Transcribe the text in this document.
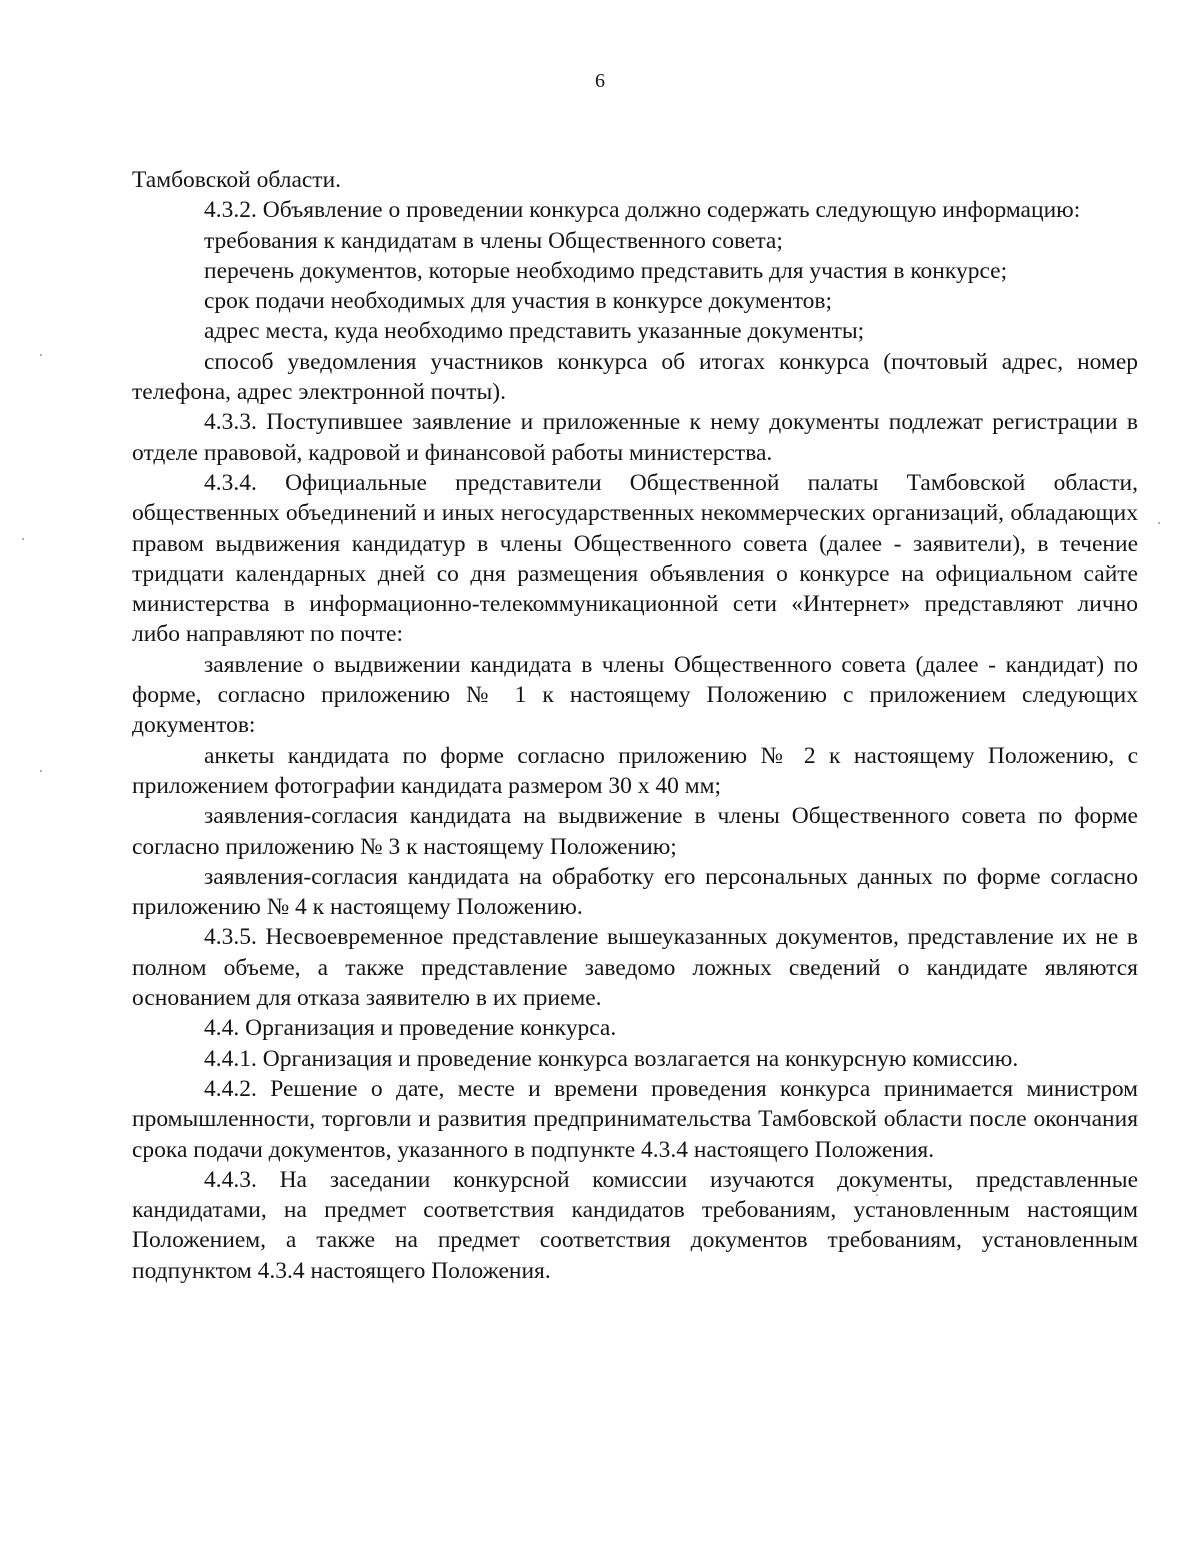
6

Тамбовской области.

4.3.2. Объявление о проведении конкурса должно содержать следующую информацию:

требования к кандидатам в члены Общественного совета;

перечень документов, которые необходимо представить для участия в конкурсе;

срок подачи необходимых для участия в конкурсе документов;

адрес места, куда необходимо представить указанные документы;

способ уведомления участников конкурса об итогах конкурса (почтовый адрес, номер телефона, адрес электронной почты).

4.3.3. Поступившее заявление и приложенные к нему документы подлежат регистрации в отделе правовой, кадровой и финансовой работы министерства.

4.3.4. Официальные представители Общественной палаты Тамбовской области, общественных объединений и иных негосударственных некоммерческих организаций, обладающих правом выдвижения кандидатур в члены Общественного совета (далее - заявители), в течение тридцати календарных дней со дня размещения объявления о конкурсе на официальном сайте министерства в информационно-телекоммуникационной сети «Интернет» представляют лично либо направляют по почте:

заявление о выдвижении кандидата в члены Общественного совета (далее - кандидат) по форме, согласно приложению № 1 к настоящему Положению с приложением следующих документов:

анкеты кандидата по форме согласно приложению № 2 к настоящему Положению, с приложением фотографии кандидата размером 30 х 40 мм;

заявления-согласия кандидата на выдвижение в члены Общественного совета по форме согласно приложению № 3 к настоящему Положению;

заявления-согласия кандидата на обработку его персональных данных по форме согласно приложению № 4 к настоящему Положению.

4.3.5. Несвоевременное представление вышеуказанных документов, представление их не в полном объеме, а также представление заведомо ложных сведений о кандидате являются основанием для отказа заявителю в их приеме.

4.4. Организация и проведение конкурса.

4.4.1. Организация и проведение конкурса возлагается на конкурсную комиссию.

4.4.2. Решение о дате, месте и времени проведения конкурса принимается министром промышленности, торговли и развития предпринимательства Тамбовской области после окончания срока подачи документов, указанного в подпункте 4.3.4 настоящего Положения.

4.4.3. На заседании конкурсной комиссии изучаются документы, представленные кандидатами, на предмет соответствия кандидатов требованиям, установленным настоящим Положением, а также на предмет соответствия документов требованиям, установленным подпунктом 4.3.4 настоящего Положения.
